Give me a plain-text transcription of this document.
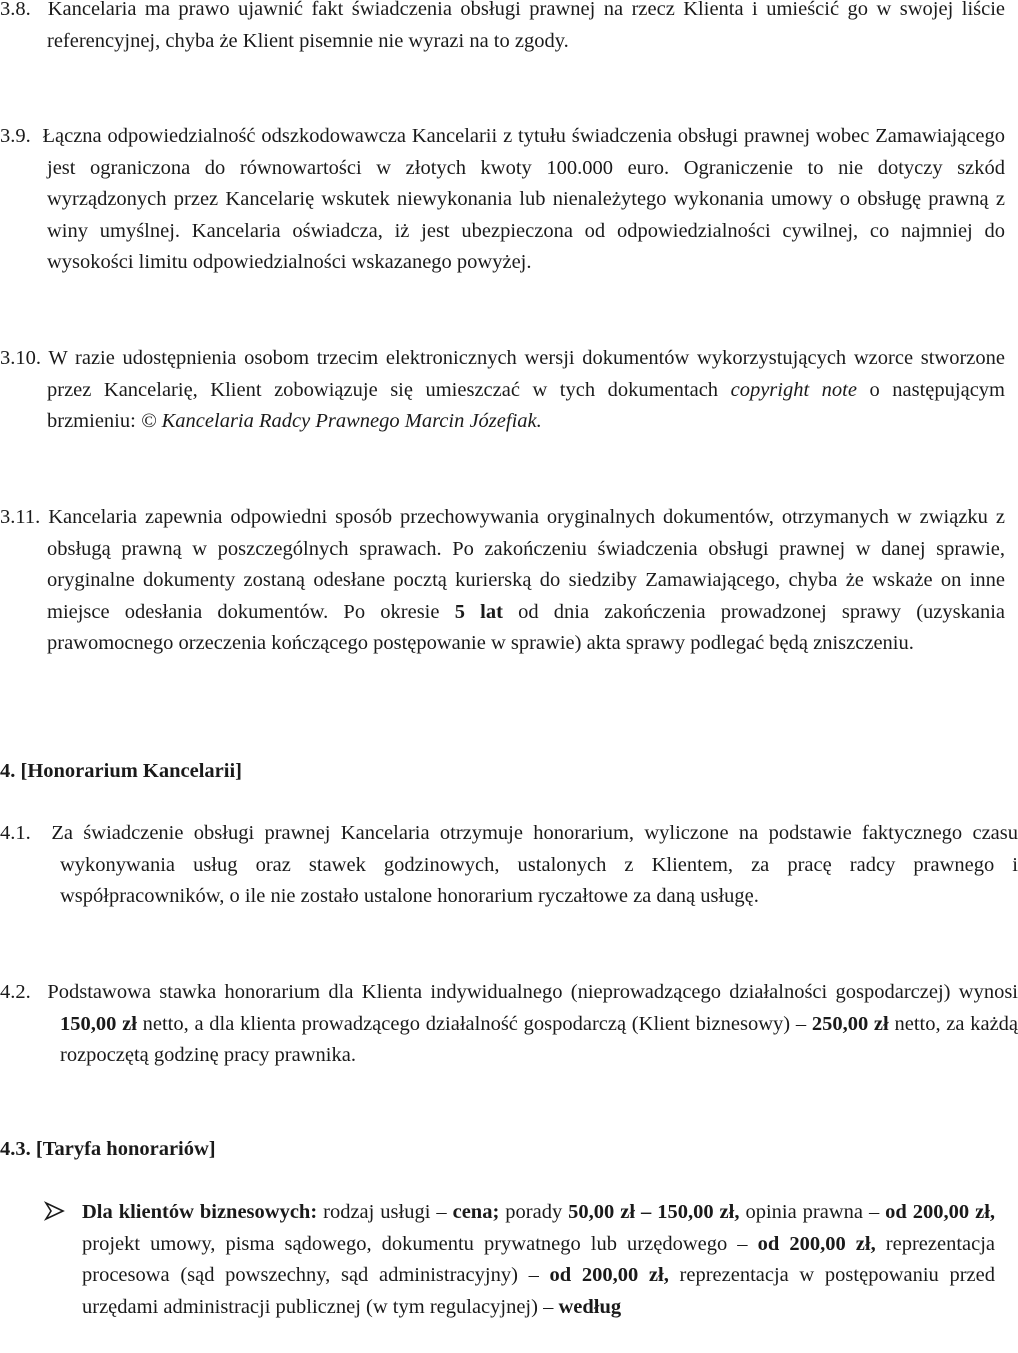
3.8. Kancelaria ma prawo ujawnić fakt świadczenia obsługi prawnej na rzecz Klienta i umieścić go w swojej liście referencyjnej, chyba że Klient pisemnie nie wyrazi na to zgody.

3.9. Łączna odpowiedzialność odszkodowawcza Kancelarii z tytułu świadczenia obsługi prawnej wobec Zamawiającego jest ograniczona do równowartości w złotych kwoty 100.000 euro. Ograniczenie to nie dotyczy szkód wyrządzonych przez Kancelarię wskutek niewykonania lub nienależytego wykonania umowy o obsługę prawną z winy umyślnej. Kancelaria oświadcza, iż jest ubezpieczona od odpowiedzialności cywilnej, co najmniej do wysokości limitu odpowiedzialności wskazanego powyżej.

3.10. W razie udostępnienia osobom trzecim elektronicznych wersji dokumentów wykorzystujących wzorce stworzone przez Kancelarię, Klient zobowiązuje się umieszczać w tych dokumentach copyright note o następującym brzmieniu: © Kancelaria Radcy Prawnego Marcin Józefiak.

3.11. Kancelaria zapewnia odpowiedni sposób przechowywania oryginalnych dokumentów, otrzymanych w związku z obsługą prawną w poszczególnych sprawach. Po zakończeniu świadczenia obsługi prawnej w danej sprawie, oryginalne dokumenty zostaną odesłane pocztą kurierską do siedziby Zamawiającego, chyba że wskaże on inne miejsce odesłania dokumentów. Po okresie 5 lat od dnia zakończenia prowadzonej sprawy (uzyskania prawomocnego orzeczenia kończącego postępowanie w sprawie) akta sprawy podlegać będą zniszczeniu.

4. [Honorarium Kancelarii]

4.1. Za świadczenie obsługi prawnej Kancelaria otrzymuje honorarium, wyliczone na podstawie faktycznego czasu wykonywania usług oraz stawek godzinowych, ustalonych z Klientem, za pracę radcy prawnego i współpracowników, o ile nie zostało ustalone honorarium ryczałtowe za daną usługę.

4.2. Podstawowa stawka honorarium dla Klienta indywidualnego (nieprowadzącego działalności gospodarczej) wynosi 150,00 zł netto, a dla klienta prowadzącego działalność gospodarczą (Klient biznesowy) – 250,00 zł netto, za każdą rozpoczętą godzinę pracy prawnika.

4.3. [Taryfa honorariów]

Dla klientów biznesowych: rodzaj usługi – cena; porady 50,00 zł – 150,00 zł, opinia prawna – od 200,00 zł, projekt umowy, pisma sądowego, dokumentu prywatnego lub urzędowego – od 200,00 zł, reprezentacja procesowa (sąd powszechny, sąd administracyjny) – od 200,00 zł, reprezentacja w postępowaniu przed urzędami administracji publicznej (w tym regulacyjnej) – według
